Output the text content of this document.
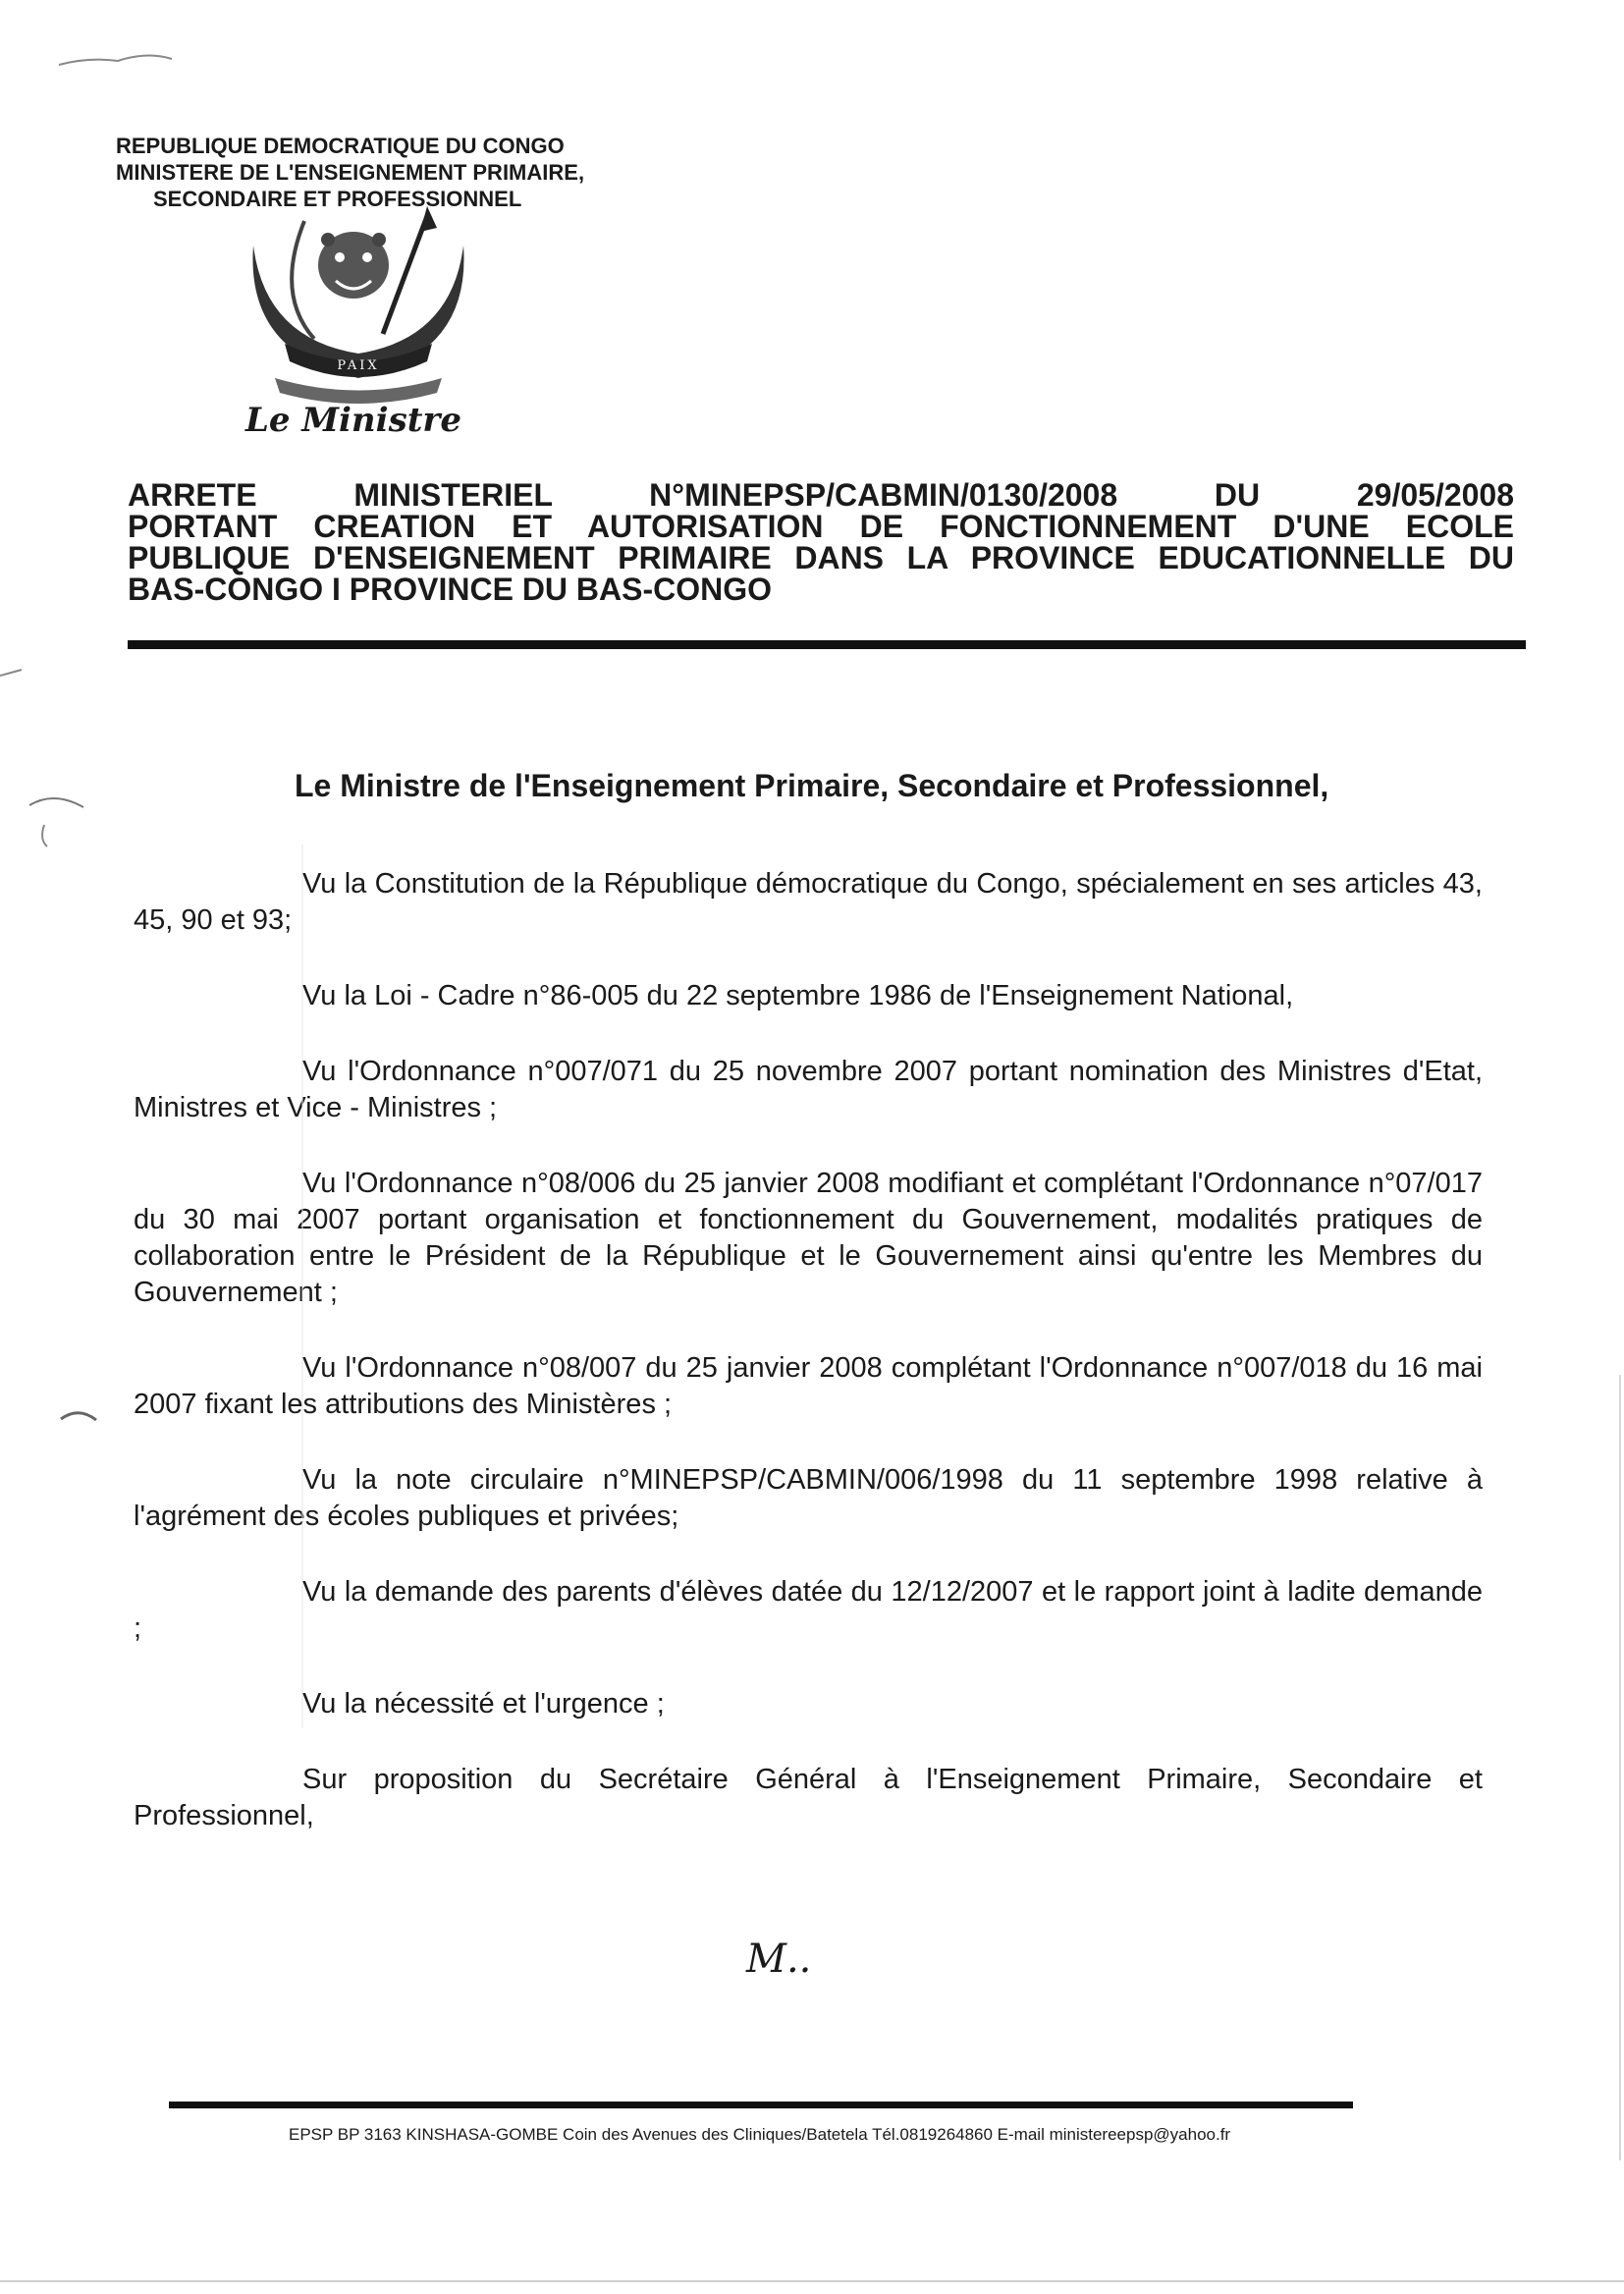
REPUBLIQUE DEMOCRATIQUE DU CONGO
MINISTERE DE L'ENSEIGNEMENT PRIMAIRE,
SECONDAIRE ET PROFESSIONNEL
PAIX
Le Ministre
ARRETE MINISTERIEL N°MINEPSP/CABMIN/0130/2008 DU 29/05/2008
PORTANT CREATION ET AUTORISATION DE FONCTIONNEMENT D'UNE ECOLE
PUBLIQUE D'ENSEIGNEMENT PRIMAIRE DANS LA PROVINCE EDUCATIONNELLE DU
BAS-CONGO I PROVINCE DU BAS-CONGO
Le Ministre de l'Enseignement Primaire, Secondaire et Professionnel,

Vu la Constitution de la République démocratique du Congo, spécialement en ses articles 43, 45, 90 et 93;

Vu la Loi - Cadre n°86-005 du 22 septembre 1986 de l'Enseignement National,

Vu l'Ordonnance n°007/071 du 25 novembre 2007 portant nomination des Ministres d'Etat, Ministres et Vice - Ministres ;

Vu l'Ordonnance n°08/006 du 25 janvier 2008 modifiant et complétant l'Ordonnance n°07/017 du 30 mai 2007 portant organisation et fonctionnement du Gouvernement, modalités pratiques de collaboration entre le Président de la République et le Gouvernement ainsi qu'entre les Membres du Gouvernement ;

Vu l'Ordonnance n°08/007 du 25 janvier 2008 complétant l'Ordonnance n°007/018 du 16 mai 2007 fixant les attributions des Ministères ;

Vu la note circulaire n°MINEPSP/CABMIN/006/1998 du 11 septembre 1998 relative à l'agrément des écoles publiques et privées;

Vu la demande des parents d'élèves datée du 12/12/2007 et le rapport joint à ladite demande ;

Vu la nécessité et l'urgence ;

Sur proposition du Secrétaire Général à l'Enseignement Primaire, Secondaire et Professionnel,

M..
EPSP BP 3163 KINSHASA-GOMBE Coin des Avenues des Cliniques/Batetela Tél.0819264860 E-mail ministereepsp@yahoo.fr
